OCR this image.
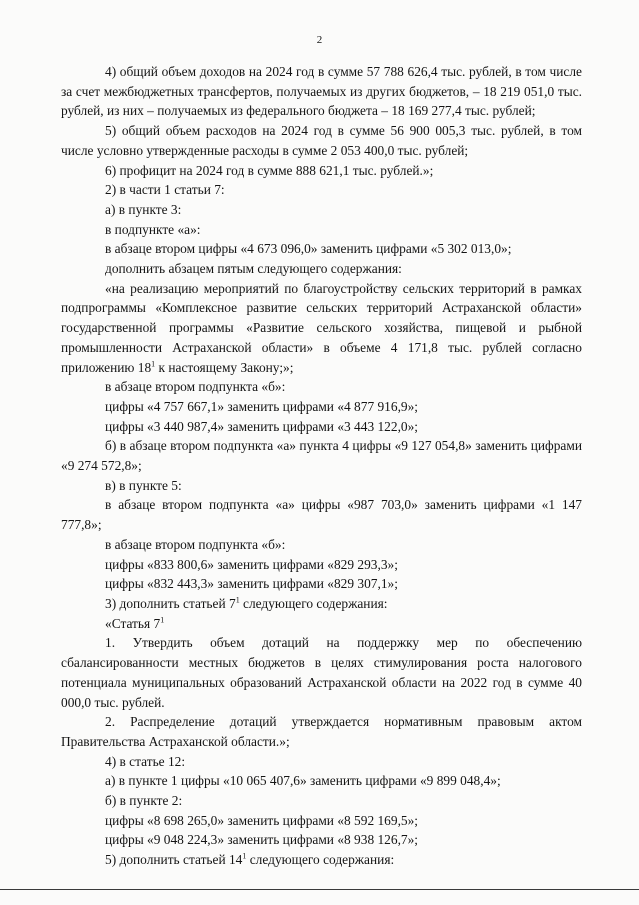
2

4) общий объем доходов на 2024 год в сумме 57 788 626,4 тыс. рублей, в том числе за счет межбюджетных трансфертов, получаемых из других бюджетов, – 18 219 051,0 тыс. рублей, из них – получаемых из федерального бюджета – 18 169 277,4 тыс. рублей;

5) общий объем расходов на 2024 год в сумме 56 900 005,3 тыс. рублей, в том числе условно утвержденные расходы в сумме 2 053 400,0 тыс. рублей;

6) профицит на 2024 год в сумме 888 621,1 тыс. рублей.»;

2) в части 1 статьи 7:

а) в пункте 3:

в подпункте «а»:

в абзаце втором цифры «4 673 096,0» заменить цифрами «5 302 013,0»;

дополнить абзацем пятым следующего содержания:

«на реализацию мероприятий по благоустройству сельских территорий в рамках подпрограммы «Комплексное развитие сельских территорий Астраханской области» государственной программы «Развитие сельского хозяйства, пищевой и рыбной промышленности Астраханской области» в объеме 4 171,8 тыс. рублей согласно приложению $18^1$ к настоящему Закону;»;

в абзаце втором подпункта «б»:

цифры «4 757 667,1» заменить цифрами «4 877 916,9»;

цифры «3 440 987,4» заменить цифрами «3 443 122,0»;

б) в абзаце втором подпункта «а» пункта 4 цифры «9 127 054,8» заменить цифрами «9 274 572,8»;

в) в пункте 5:

в абзаце втором подпункта «а» цифры «987 703,0» заменить цифрами «1 147 777,8»;

в абзаце втором подпункта «б»:

цифры «833 800,6» заменить цифрами «829 293,3»;

цифры «832 443,3» заменить цифрами «829 307,1»;

3) дополнить статьей $7^1$ следующего содержания:

«Статья $7^1$

1. Утвердить объем дотаций на поддержку мер по обеспечению сбалансированности местных бюджетов в целях стимулирования роста налогового потенциала муниципальных образований Астраханской области на 2022 год в сумме 40 000,0 тыс. рублей.

2. Распределение дотаций утверждается нормативным правовым актом Правительства Астраханской области.»;

4) в статье 12:

а) в пункте 1 цифры «10 065 407,6» заменить цифрами «9 899 048,4»;

б) в пункте 2:

цифры «8 698 265,0» заменить цифрами «8 592 169,5»;

цифры «9 048 224,3» заменить цифрами «8 938 126,7»;

5) дополнить статьей $14^1$ следующего содержания:
